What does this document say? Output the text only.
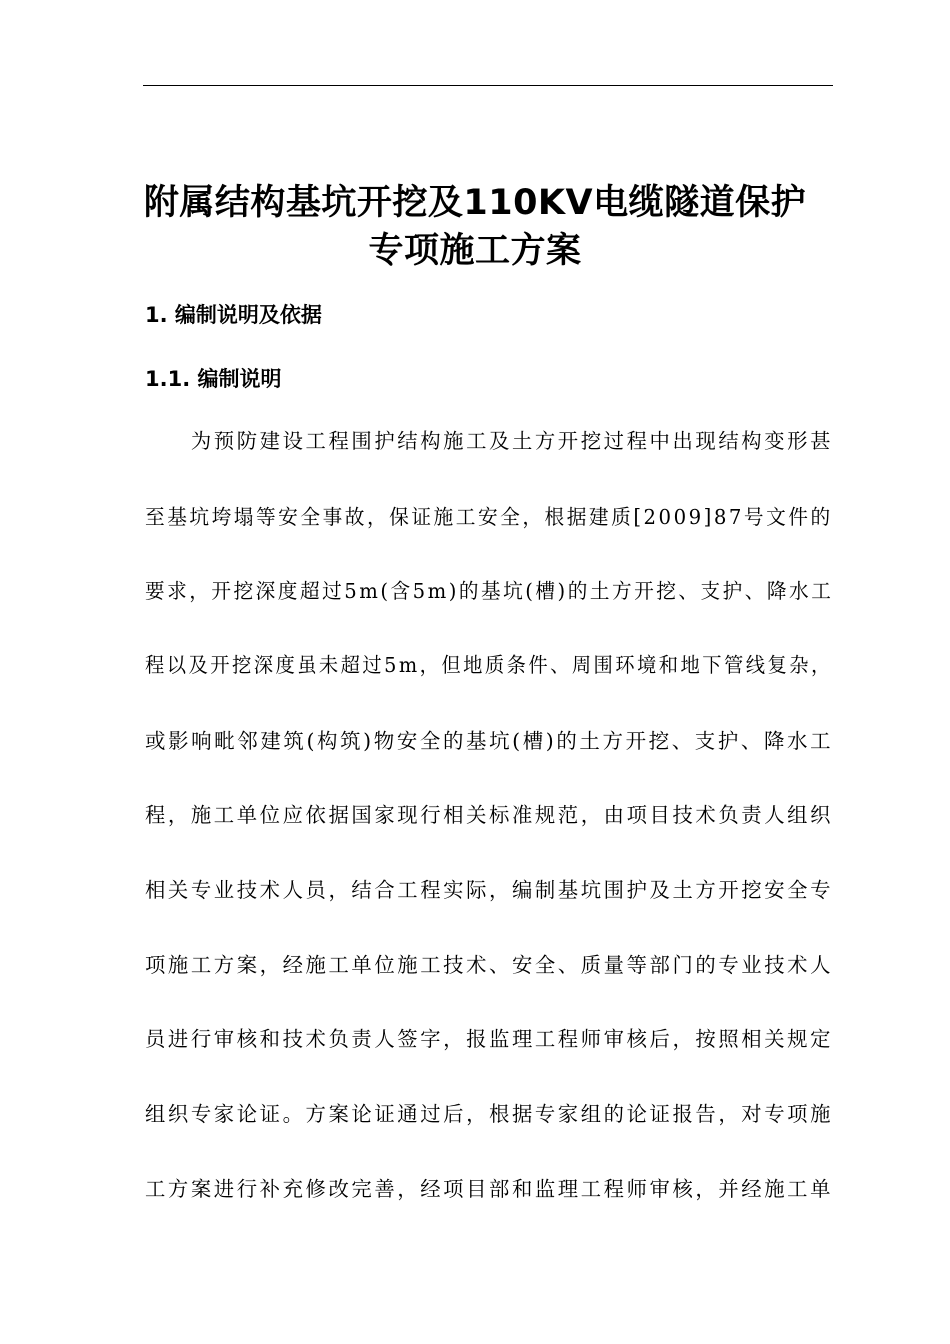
附属结构基坑开挖及110KV电缆隧道保护
专项施工方案
1. 编制说明及依据
1.1. 编制说明
　　为预防建设工程围护结构施工及土方开挖过程中出现结构变形甚
至基坑垮塌等安全事故，保证施工安全，根据建质[2009]87号文件的
要求，开挖深度超过5m(含5m)的基坑(槽)的土方开挖、支护、降水工
程以及开挖深度虽未超过5m，但地质条件、周围环境和地下管线复杂，
或影响毗邻建筑(构筑)物安全的基坑(槽)的土方开挖、支护、降水工
程，施工单位应依据国家现行相关标准规范，由项目技术负责人组织
相关专业技术人员，结合工程实际，编制基坑围护及土方开挖安全专
项施工方案，经施工单位施工技术、安全、质量等部门的专业技术人
员进行审核和技术负责人签字，报监理工程师审核后，按照相关规定
组织专家论证。方案论证通过后，根据专家组的论证报告，对专项施
工方案进行补充修改完善，经项目部和监理工程师审核，并经施工单
